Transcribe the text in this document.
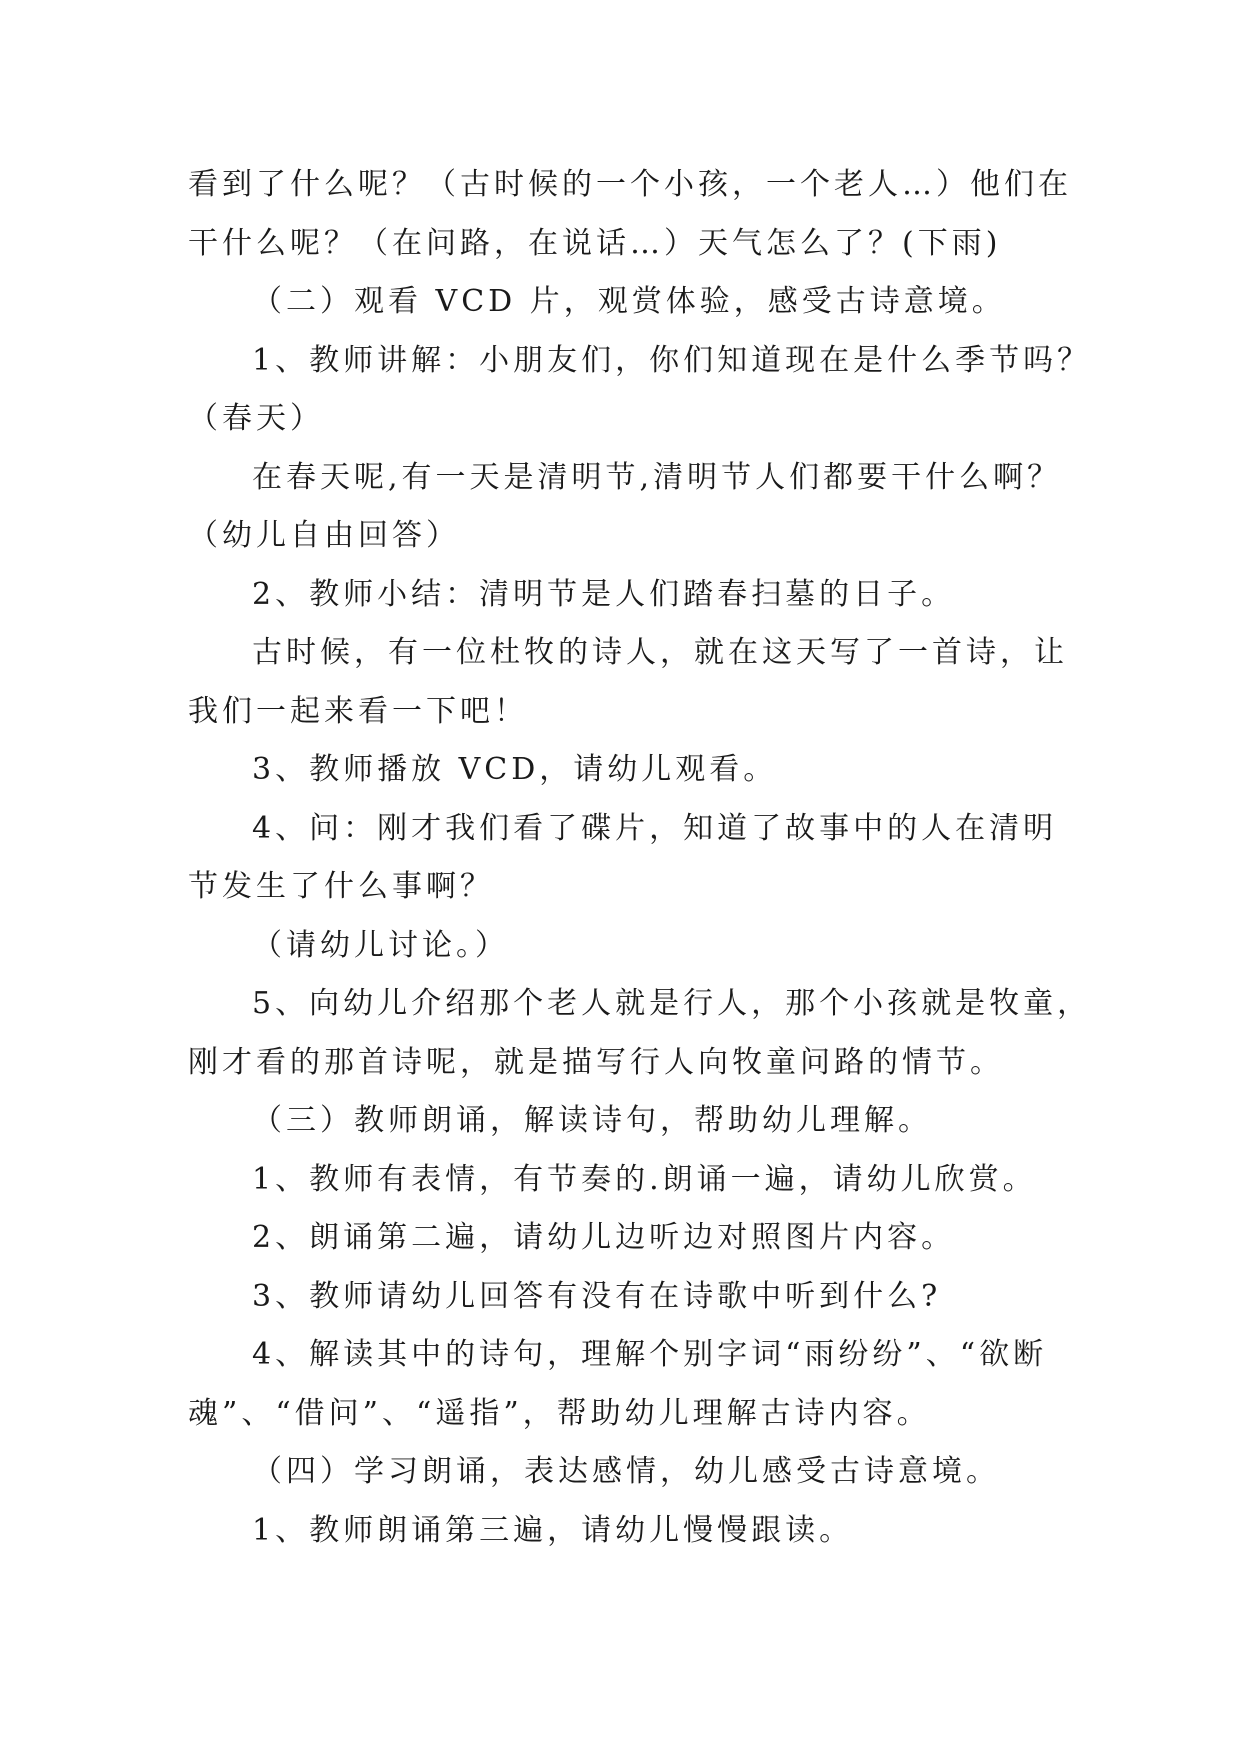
看到了什么呢？（古时候的一个小孩，一个老人…）他们在
干什么呢？（在问路，在说话…）天气怎么了？(下雨)
（二）观看 VCD 片，观赏体验，感受古诗意境。
1、教师讲解：小朋友们，你们知道现在是什么季节吗？
（春天）
在春天呢,有一天是清明节,清明节人们都要干什么啊？
（幼儿自由回答）
2、教师小结：清明节是人们踏春扫墓的日子。
古时候，有一位杜牧的诗人，就在这天写了一首诗，让
我们一起来看一下吧！
3、教师播放 VCD，请幼儿观看。
4、问：刚才我们看了碟片，知道了故事中的人在清明
节发生了什么事啊？
（请幼儿讨论。）
5、向幼儿介绍那个老人就是行人，那个小孩就是牧童，
刚才看的那首诗呢，就是描写行人向牧童问路的情节。
（三）教师朗诵，解读诗句，帮助幼儿理解。
1、教师有表情，有节奏的.朗诵一遍，请幼儿欣赏。
2、朗诵第二遍，请幼儿边听边对照图片内容。
3、教师请幼儿回答有没有在诗歌中听到什么?
4、解读其中的诗句，理解个别字词“雨纷纷”、“欲断
魂”、“借问”、“遥指”，帮助幼儿理解古诗内容。
（四）学习朗诵，表达感情，幼儿感受古诗意境。
1、教师朗诵第三遍，请幼儿慢慢跟读。
